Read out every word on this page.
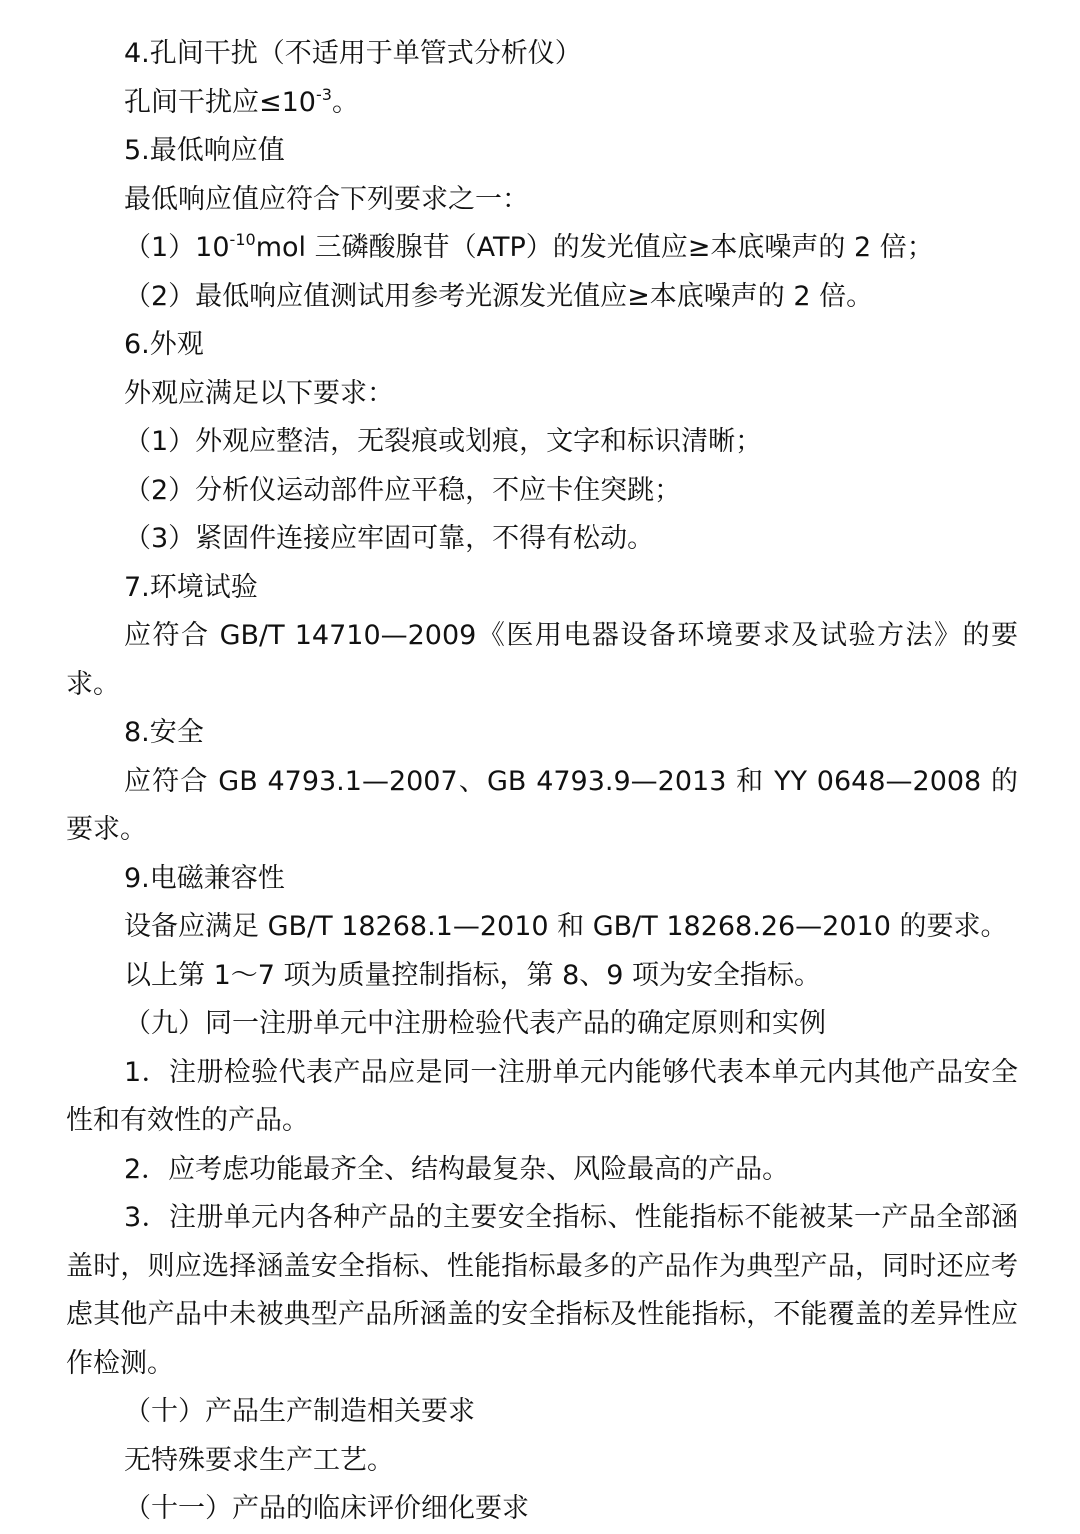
4.孔间干扰（不适用于单管式分析仪）

孔间干扰应$\le 10^{-3}$。

5.最低响应值

最低响应值应符合下列要求之一：

$(1)10^{-10}mol$ 三磷酸腺苷（ATP）的发光值应≥本底噪声的 2 倍；

（2）最低响应值测试用参考光源发光值应≥本底噪声的 2 倍。

6.外观

外观应满足以下要求：

（1）外观应整洁，无裂痕或划痕，文字和标识清晰；

（2）分析仪运动部件应平稳，不应卡住突跳；

（3）紧固件连接应牢固可靠，不得有松动。

7.环境试验

应符合 GB/T 14710—2009《医用电器设备环境要求及试验方法》的要求。

8.安全

应符合 GB 4793.1—2007、GB 4793.9—2013 和 YY 0648—2008 的要求。

9.电磁兼容性

设备应满足 GB/T 18268.1—2010 和 GB/T 18268.26—2010 的要求。

以上第 1～7 项为质量控制指标，第 8、9 项为安全指标。

（九）同一注册单元中注册检验代表产品的确定原则和实例

1．注册检验代表产品应是同一注册单元内能够代表本单元内其他产品安全性和有效性的产品。

2．应考虑功能最齐全、结构最复杂、风险最高的产品。

3．注册单元内各种产品的主要安全指标、性能指标不能被某一产品全部涵盖时，则应选择涵盖安全指标、性能指标最多的产品作为典型产品，同时还应考虑其他产品中未被典型产品所涵盖的安全指标及性能指标，不能覆盖的差异性应作检测。

（十）产品生产制造相关要求

无特殊要求生产工艺。

（十一）产品的临床评价细化要求
